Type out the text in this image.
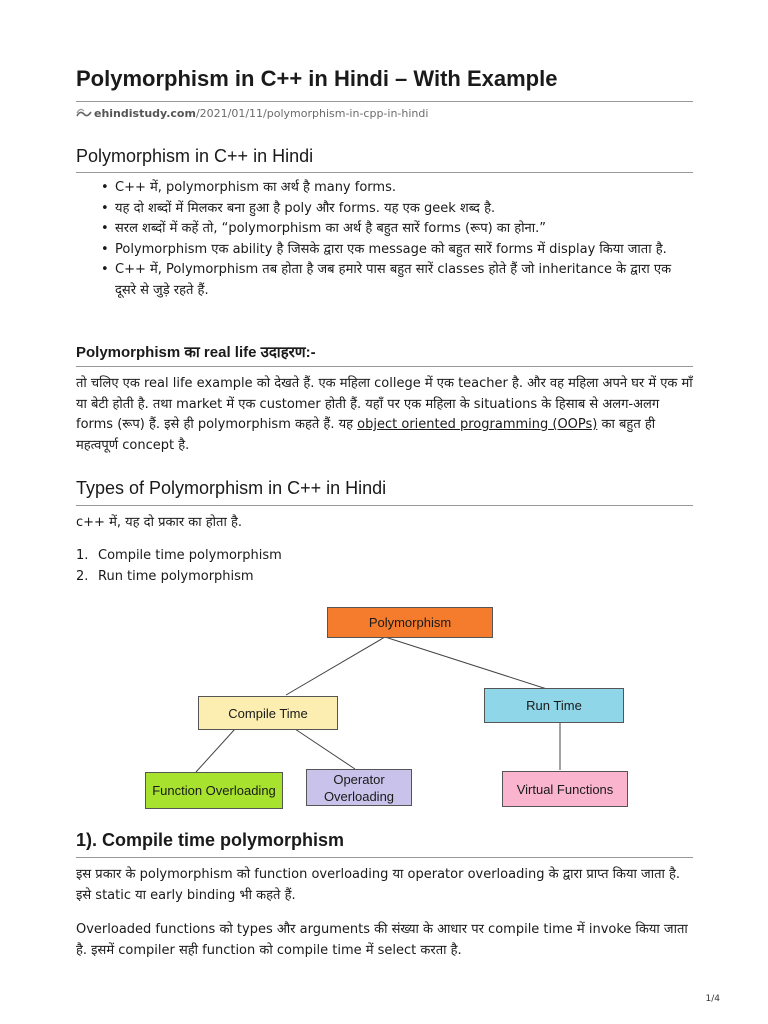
Polymorphism in C++ in Hindi – With Example
ehindistudy.com/2021/01/11/polymorphism-in-cpp-in-hindi
Polymorphism in C++ in Hindi
• C++ में, polymorphism का अर्थ है many forms.
• यह दो शब्दों में मिलकर बना हुआ है poly और forms. यह एक geek शब्द है.
• सरल शब्दों में कहें तो, “polymorphism का अर्थ है बहुत सारें forms (रूप) का होना.”
• Polymorphism एक ability है जिसके द्वारा एक message को बहुत सारें forms में display किया जाता है.
• C++ में, Polymorphism तब होता है जब हमारे पास बहुत सारें classes होते हैं जो inheritance के द्वारा एक दूसरे से जुड़े रहते हैं.
Polymorphism का real life उदाहरण:-

तो चलिए एक real life example को देखते हैं. एक महिला college में एक teacher है. और वह महिला अपने घर में एक माँ या बेटी होती है. तथा market में एक customer होती हैं. यहाँ पर एक महिला के situations के हिसाब से अलग-अलग forms (रूप) हैं. इसे ही polymorphism कहते हैं. यह object oriented programming (OOPs) का बहुत ही महत्वपूर्ण concept है.

Types of Polymorphism in C++ in Hindi

c++ में, यह दो प्रकार का होता है.

1. Compile time polymorphism
2. Run time polymorphism
Polymorphism
Compile Time	Run Time
Function Overloading
Operator Overloading	Virtual Functions
1). Compile time polymorphism

इस प्रकार के polymorphism को function overloading या operator overloading के द्वारा प्राप्त किया जाता है. इसे static या early binding भी कहते हैं.

Overloaded functions को types और arguments की संख्या के आधार पर compile time में invoke किया जाता है. इसमें compiler सही function को compile time में select करता है.

1/4
